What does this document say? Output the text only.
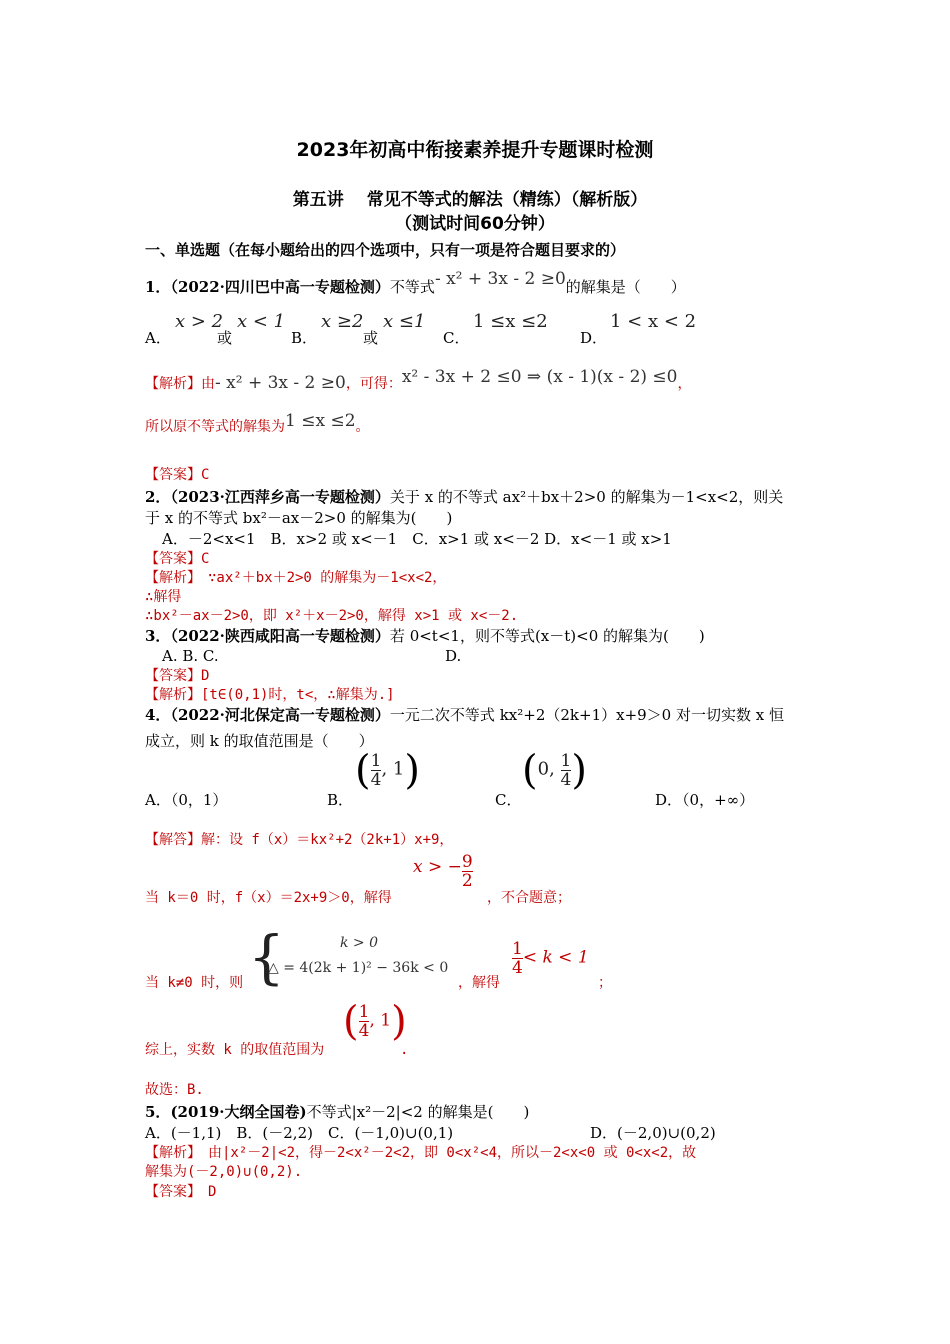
2023年初高中衔接素养提升专题课时检测
第五讲　 常见不等式的解法（精练）（解析版）
（测试时间60分钟）
一、单选题（在每小题给出的四个选项中，只有一项是符合题目要求的）
1．（2022·四川巴中高一专题检测）不等式- x² + 3x - 2 ≥0的解集是（　　）
A．
x > 2
或
x < 1
B．
x ≥2
或
x ≤1
C．
1 ≤x ≤2
D．
1 < x < 2
【解析】由- x² + 3x - 2 ≥0，可得：x² - 3x + 2 ≤0 ⇒ (x - 1)(x - 2) ≤0，
所以原不等式的解集为1 ≤x ≤2。
【答案】C
2．（2023·江西萍乡高一专题检测）关于 x 的不等式 ax²＋bx＋2>0 的解集为－1<x<2，则关
于 x 的不等式 bx²－ax－2>0 的解集为(　　)
A．－2<x<1　B．x>2 或 x<－1　C．x>1 或 x<－2 D．x<－1 或 x>1
【答案】C
【解析】　∵ax²＋bx＋2>0 的解集为－1<x<2，
∴解得
∴bx²－ax－2>0，即 x²＋x－2>0，解得 x>1 或 x<－2.
3．（2022·陕西咸阳高一专题检测）若 0<t<1，则不等式(x－t)<0 的解集为(　　)
A. B. C.	D.
【答案】D
【解析】[t∈(0,1)时，t<，∴解集为.]
4．（2022·河北保定高一专题检测）一元二次不等式 kx²+2（2k+1）x+9＞0 对一切实数 x 恒
成立，则 k 的取值范围是（　　）
A．（0，1）	B．
( $\frac{1}{4}$ , 1)
C．
(0, $\frac{1}{4}$ )
D．（0，+∞）
【解答】解：设 f（x）＝kx²+2（2k+1）x+9，
当 k＝0 时，f（x）＝2x+9＞0，解得
x > − $\frac{9}{2}$
，不合题意；
当 k≠0 时，则 {	k > 0
△ = 4(2k + 1)² − 36k < 0
，解得
$\frac{1}{4} < k < 1$
；
综上，实数 k 的取值范围为
( $\frac{1}{4}$ , 1)
.
故选：B.
5．(2019·大纲全国卷)不等式|x²－2|<2 的解集是(　　)
A．(－1,1)　B．(－2,2)　C．(－1,0)∪(0,1)	D．(－2,0)∪(0,2)
【解析】　由|x²－2|<2，得－2<x²－2<2，即 0<x²<4，所以－2<x<0 或 0<x<2，故
解集为(－2,0)∪(0,2).
【答案】　D
